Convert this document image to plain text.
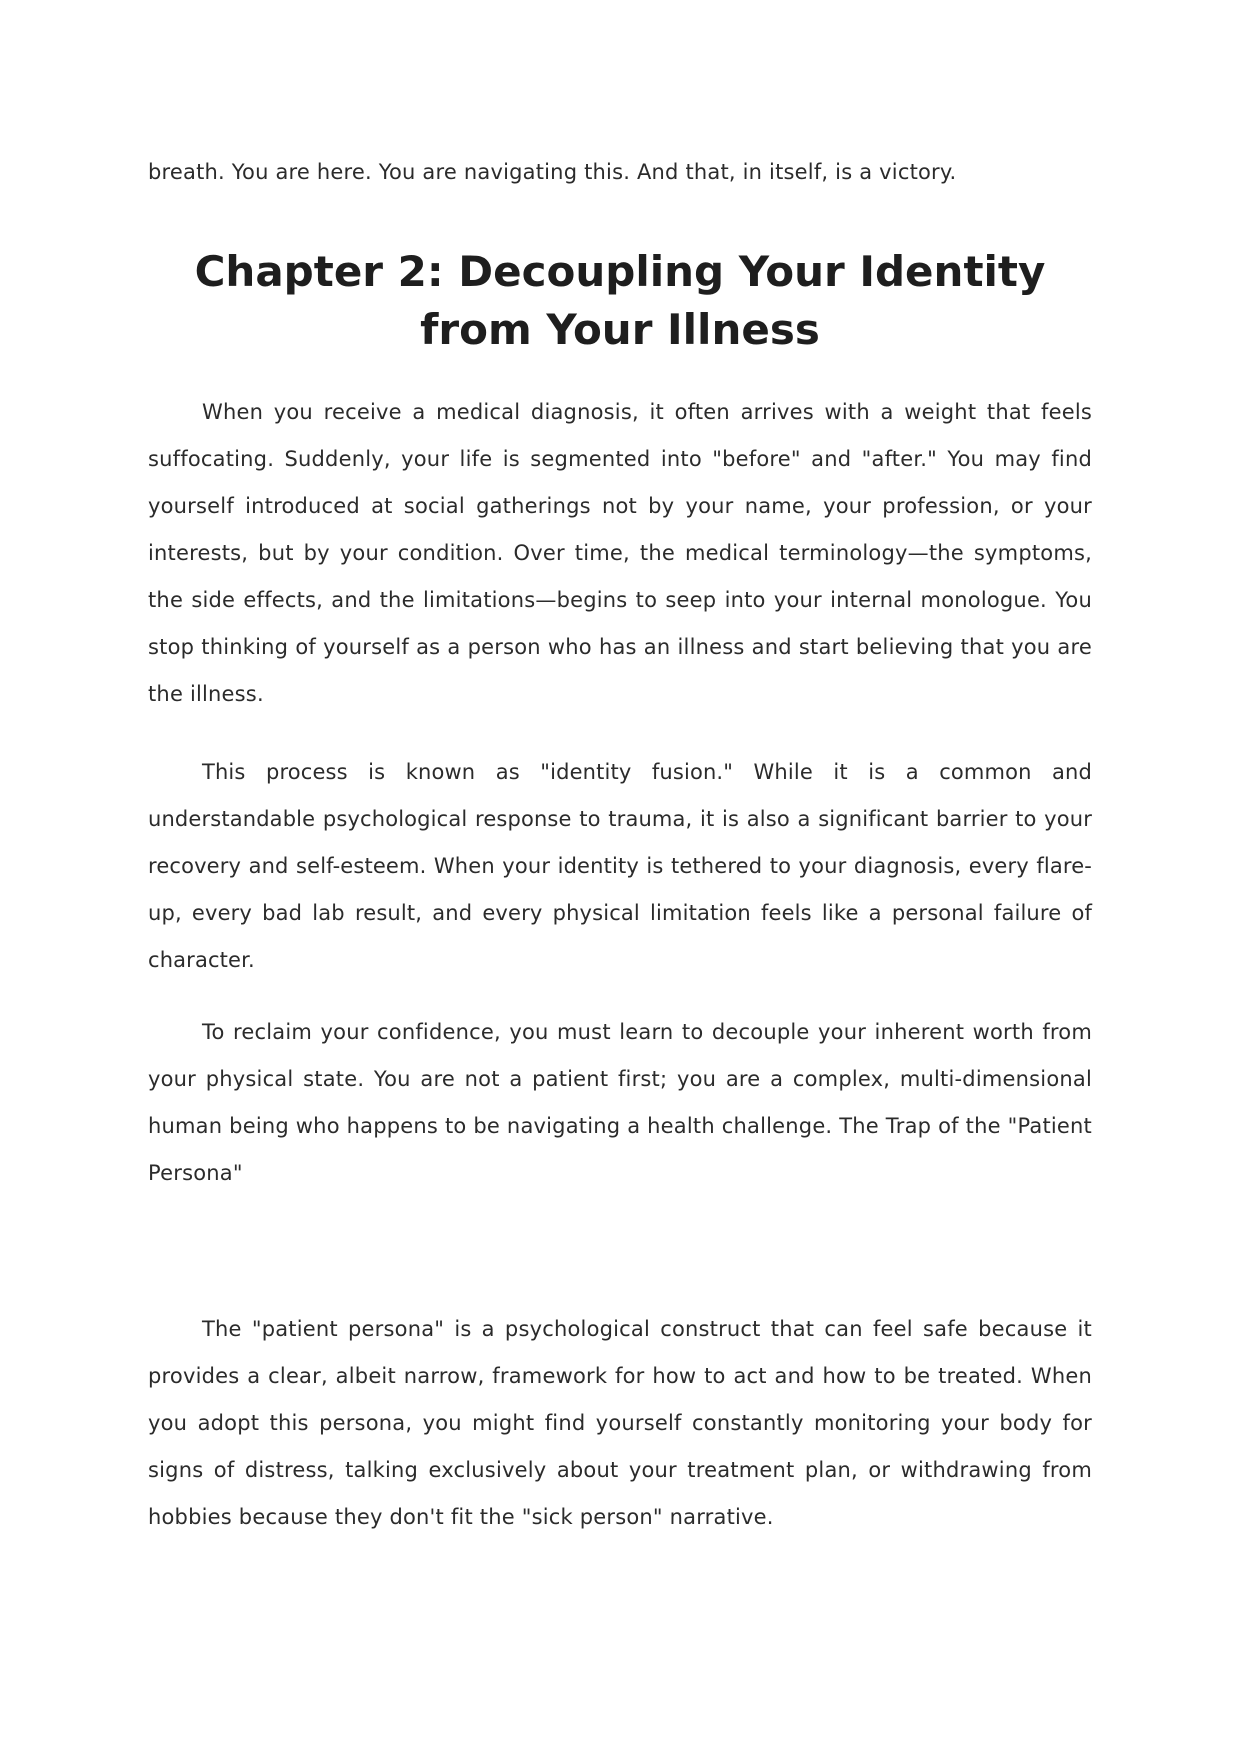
breath. You are here. You are navigating this. And that, in itself, is a victory.
Chapter 2: Decoupling Your Identity from Your Illness

When you receive a medical diagnosis, it often arrives with a weight that feels suffocating. Suddenly, your life is segmented into "before" and "after." You may find yourself introduced at social gatherings not by your name, your profession, or your interests, but by your condition. Over time, the medical terminology—the symptoms, the side effects, and the limitations—begins to seep into your internal monologue. You stop thinking of yourself as a person who has an illness and start believing that you are the illness.

This process is known as "identity fusion." While it is a common and understandable psychological response to trauma, it is also a significant barrier to your recovery and self-esteem. When your identity is tethered to your diagnosis, every flare-up, every bad lab result, and every physical limitation feels like a personal failure of character.

To reclaim your confidence, you must learn to decouple your inherent worth from your physical state. You are not a patient first; you are a complex, multi-dimensional human being who happens to be navigating a health challenge. The Trap of the "Patient Persona"

The "patient persona" is a psychological construct that can feel safe because it provides a clear, albeit narrow, framework for how to act and how to be treated. When you adopt this persona, you might find yourself constantly monitoring your body for signs of distress, talking exclusively about your treatment plan, or withdrawing from hobbies because they don't fit the "sick person" narrative.
